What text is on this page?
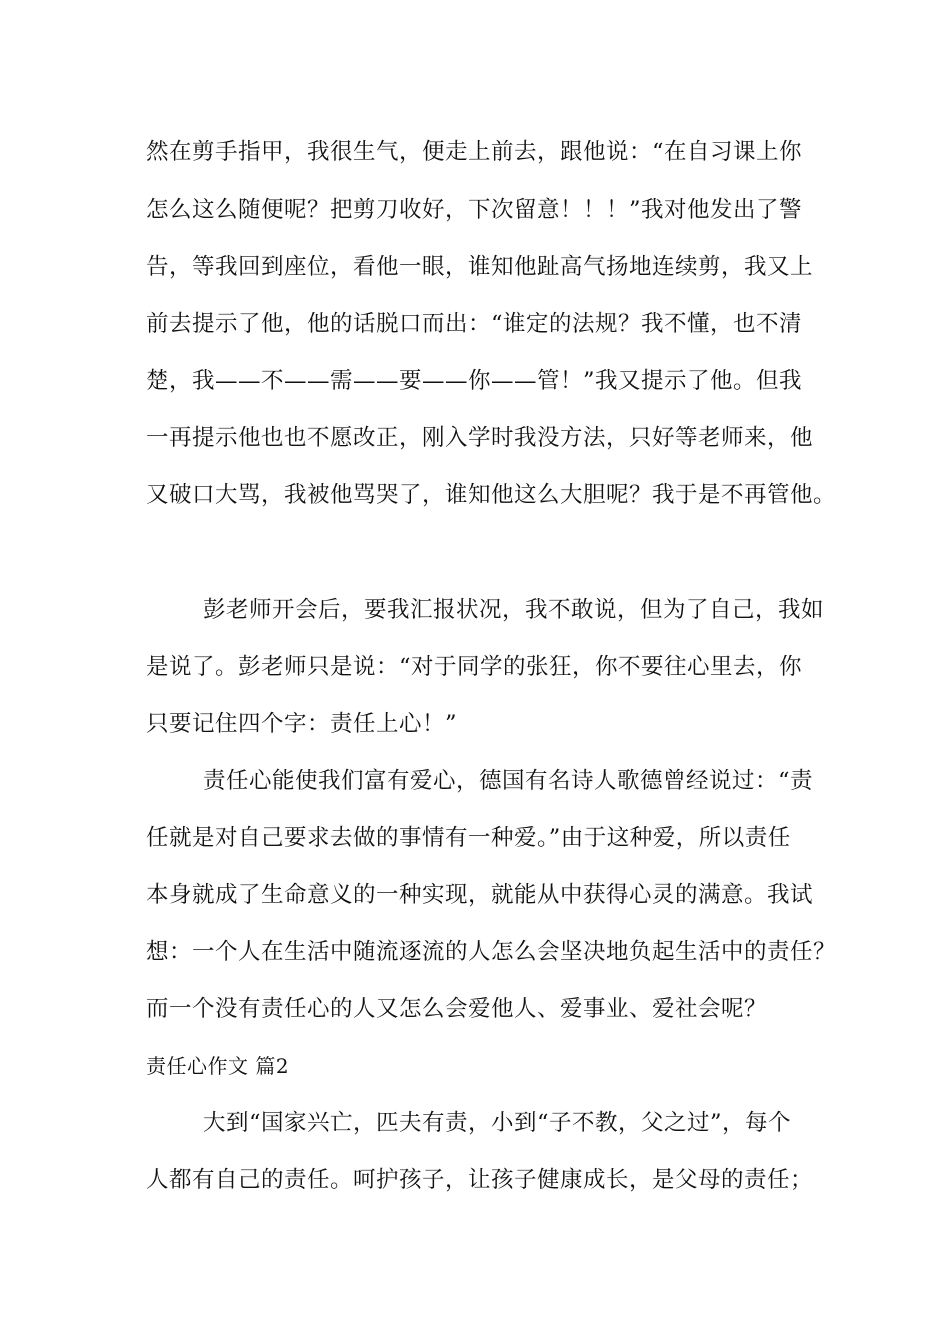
然在剪手指甲，我很生气，便走上前去，跟他说：“在自习课上你
怎么这么随便呢？把剪刀收好，下次留意！！！”我对他发出了警
告，等我回到座位，看他一眼，谁知他趾高气扬地连续剪，我又上
前去提示了他，他的话脱口而出：“谁定的法规？我不懂，也不清
楚，我——不——需——要——你——管！”我又提示了他。但我
一再提示他也也不愿改正，刚入学时我没方法，只好等老师来，他
又破口大骂，我被他骂哭了，谁知他这么大胆呢？我于是不再管他。
彭老师开会后，要我汇报状况，我不敢说，但为了自己，我如
是说了。彭老师只是说：“对于同学的张狂，你不要往心里去，你
只要记住四个字：责任上心！”
责任心能使我们富有爱心，德国有名诗人歌德曾经说过：“责
任就是对自己要求去做的事情有一种爱。”由于这种爱，所以责任
本身就成了生命意义的一种实现，就能从中获得心灵的满意。我试
想：一个人在生活中随流逐流的人怎么会坚决地负起生活中的责任？
而一个没有责任心的人又怎么会爱他人、爱事业、爱社会呢？
责任心作文 篇2
大到“国家兴亡，匹夫有责，小到“子不教，父之过”，每个
人都有自己的责任。呵护孩子，让孩子健康成长，是父母的责任；
